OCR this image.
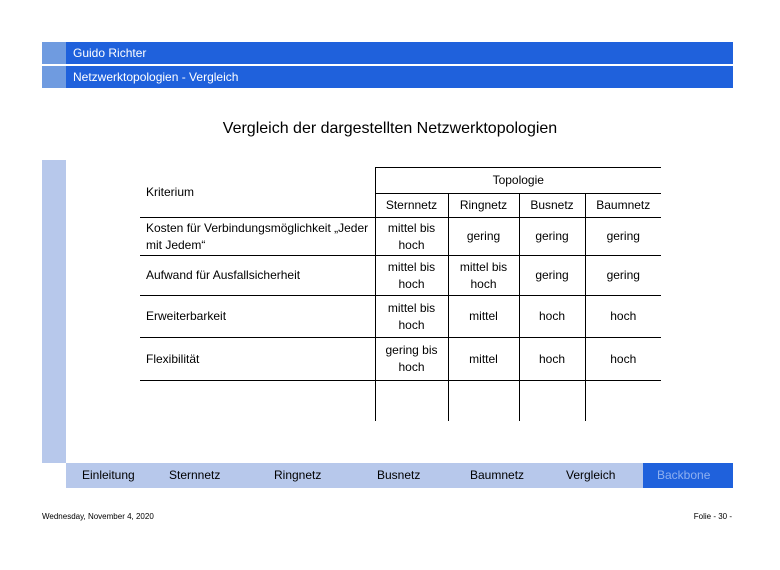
Guido Richter
Netzwerktopologien - Vergleich
Vergleich der dargestellten Netzwerktopologien
Kriterium	Topologie			
	Sternnetz	Ringnetz	Busnetz	Baumnetz
Kosten für Verbindungsmöglichkeit „Jeder mit Jedem“	mittel bis hoch	gering	gering	gering
Aufwand für Ausfallsicherheit	mittel bis hoch	mittel bis hoch	gering	gering
Erweiterbarkeit	mittel bis hoch	mittel	hoch	hoch
Flexibilität	gering bis hoch	mittel	hoch	hoch

Einleitung	Sternnetz	Ringnetz	Busnetz	Baumnetz	Vergleich	Backbone
Wednesday, November 4, 2020	Folie - 30 -
